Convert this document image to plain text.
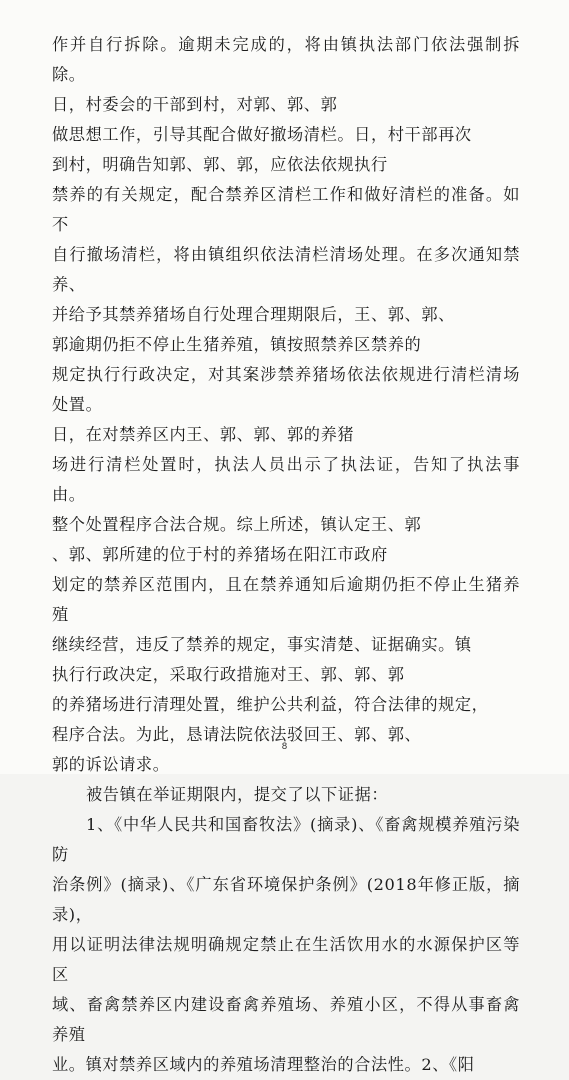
作并自行拆除。逾期未完成的，将由镇执法部门依法强制拆除。

日，村委会的干部到村，对郭、郭、郭

做思想工作，引导其配合做好撤场清栏。日，村干部再次

到村，明确告知郭、郭、郭，应依法依规执行

禁养的有关规定，配合禁养区清栏工作和做好清栏的准备。如不

自行撤场清栏，将由镇组织依法清栏清场处理。在多次通知禁养、

并给予其禁养猪场自行处理合理期限后，王、郭、郭、

郭逾期仍拒不停止生猪养殖，镇按照禁养区禁养的

规定执行行政决定，对其案涉禁养猪场依法依规进行清栏清场处置。

日，在对禁养区内王、郭、郭、郭的养猪

场进行清栏处置时，执法人员出示了执法证，告知了执法事由。

整个处置程序合法合规。综上所述，镇认定王、郭

、郭、郭所建的位于村的养猪场在阳江市政府

划定的禁养区范围内，且在禁养通知后逾期仍拒不停止生猪养殖

继续经营，违反了禁养的规定，事实清楚、证据确实。镇

执行行政决定，采取行政措施对王、郭、郭、郭

的养猪场进行清理处置，维护公共利益，符合法律的规定，

程序合法。为此，恳请法院依法驳回王、郭、郭、

郭的诉讼请求。

被告镇在举证期限内，提交了以下证据：

1、《中华人民共和国畜牧法》(摘录)、《畜禽规模养殖污染防

治条例》(摘录)、《广东省环境保护条例》(2018年修正版，摘录)，

用以证明法律法规明确规定禁止在生活饮用水的水源保护区等区

域、畜禽禁养区内建设畜禽养殖场、养殖小区，不得从事畜禽养殖

业。镇对禁养区域内的养殖场清理整治的合法性。2、《阳

8
